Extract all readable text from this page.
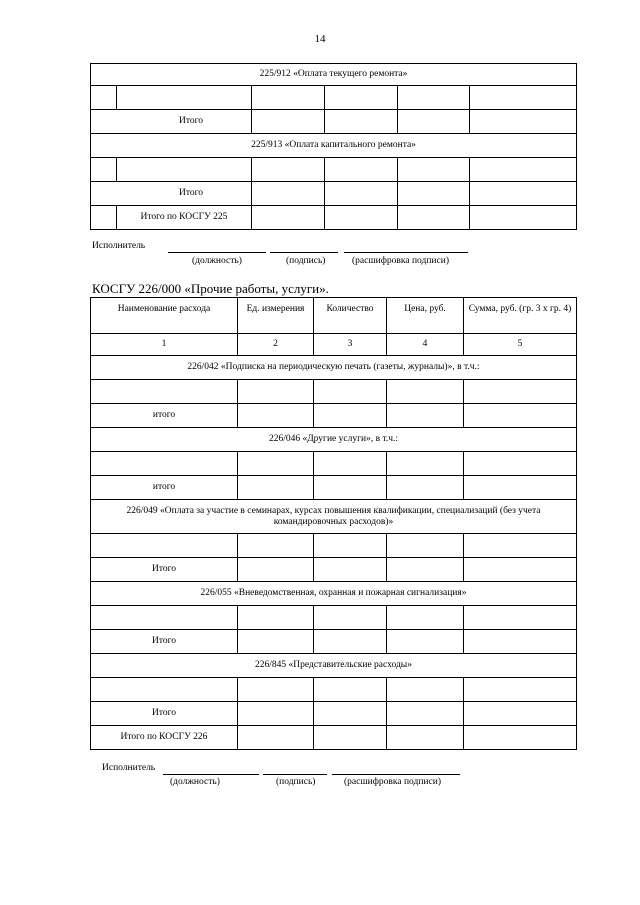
14
225/912 «Оплата текущего ремонта»					

Итого					
225/913 «Оплата капитального ремонта»					

Итого					
	Итого по КОСГУ 225				
Исполнитель
(должность)	(подпись)	(расшифровка подписи)
КОСГУ 226/000 «Прочие работы, услуги».
Наименование расхода	Ед. измерения	Количество	Цена, руб.	Сумма, руб. (гр. 3 х гр. 4)
1	2	3	4	5
226/042 «Подписка на периодическую печать (газеты, журналы)», в т.ч.:				

итого				
226/046 «Другие услуги», в т.ч.:				

итого				
226/049 «Оплата за участие в семинарах, курсах повышения квалификации, специализаций (без учета командировочных расходов)»				

Итого				
226/055 «Вневедомственная, охранная и пожарная сигнализация»				

Итого				
226/845 «Представительские расходы»				

Итого				
Итого по КОСГУ 226				
Исполнитель
(должность)	(подпись)	(расшифровка подписи)
